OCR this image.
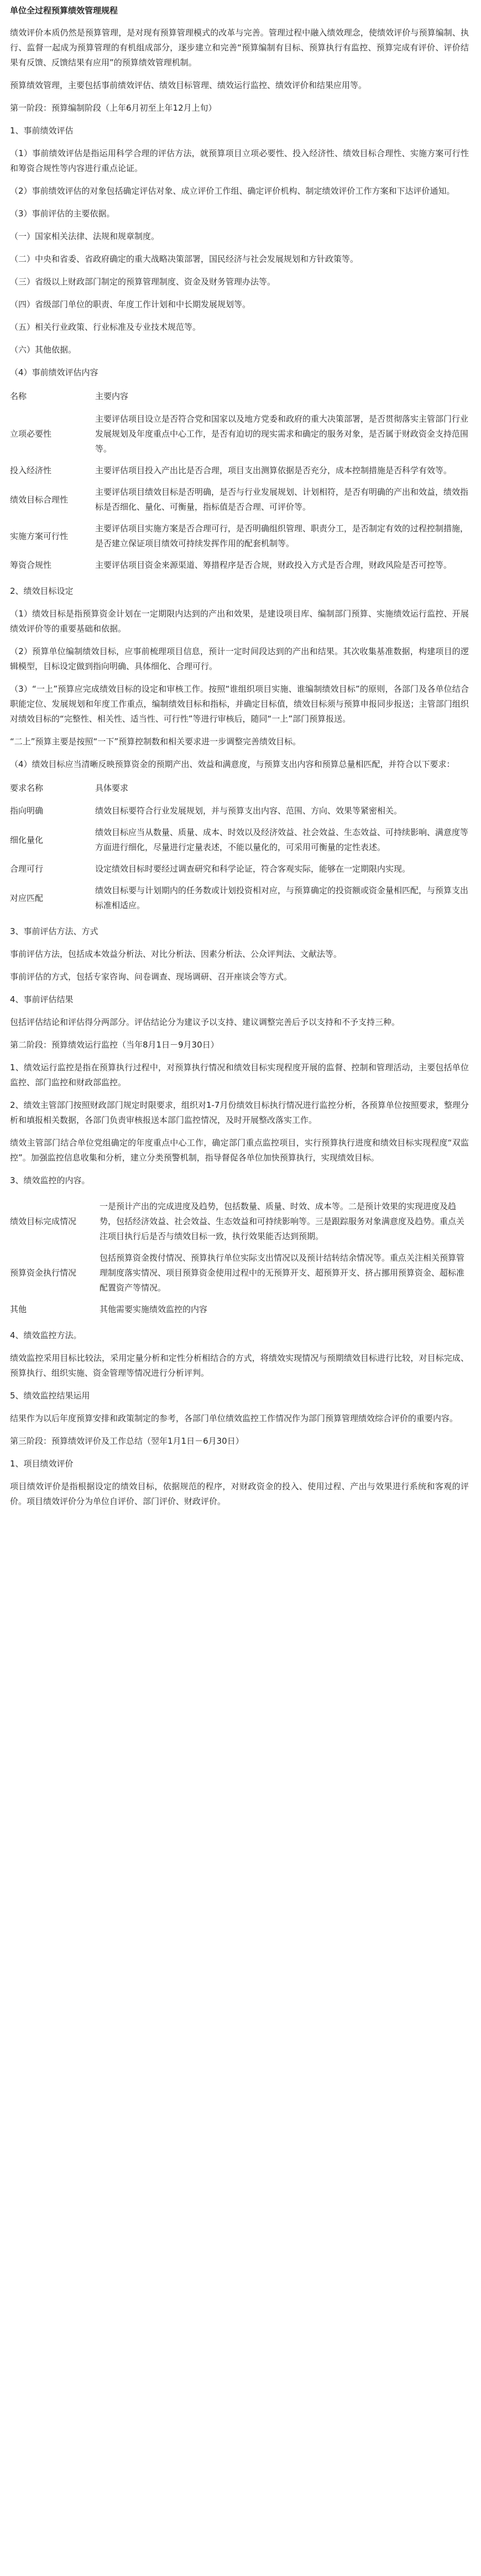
单位全过程预算绩效管理规程

绩效评价本质仍然是预算管理，是对现有预算管理模式的改革与完善。管理过程中融入绩效理念，使绩效评价与预算编制、执行、监督一起成为预算管理的有机组成部分，逐步建立和完善“预算编制有目标、预算执行有监控、预算完成有评价、评价结果有反馈、反馈结果有应用”的预算绩效管理机制。

预算绩效管理，主要包括事前绩效评估、绩效目标管理、绩效运行监控、绩效评价和结果应用等。

第一阶段：预算编制阶段（上年6月初至上年12月上旬）

1、事前绩效评估

（1）事前绩效评估是指运用科学合理的评估方法，就预算项目立项必要性、投入经济性、绩效目标合理性、实施方案可行性和筹资合规性等内容进行重点论证。

（2）事前绩效评估的对象包括确定评估对象、成立评价工作组、确定评价机构、制定绩效评价工作方案和下达评价通知。

（3）事前评估的主要依据。

（一）国家相关法律、法规和规章制度。

（二）中央和省委、省政府确定的重大战略决策部署，国民经济与社会发展规划和方针政策等。

（三）省级以上财政部门制定的预算管理制度、资金及财务管理办法等。

（四）省级部门单位的职责、年度工作计划和中长期发展规划等。

（五）相关行业政策、行业标准及专业技术规范等。

（六）其他依据。

（4）事前绩效评估内容

名称	主要内容
立项必要性	主要评估项目设立是否符合党和国家以及地方党委和政府的重大决策部署，是否贯彻落实主管部门行业发展规划及年度重点中心工作，是否有迫切的现实需求和确定的服务对象，是否属于财政资金支持范围等。
投入经济性	主要评估项目投入产出比是否合理，项目支出测算依据是否充分，成本控制措施是否科学有效等。
绩效目标合理性	主要评估项目绩效目标是否明确，是否与行业发展规划、计划相符，是否有明确的产出和效益，绩效指标是否细化、量化、可衡量，指标值是否合理、可评价等。
实施方案可行性	主要评估项目实施方案是否合理可行，是否明确组织管理、职责分工，是否制定有效的过程控制措施，是否建立保证项目绩效可持续发挥作用的配套机制等。
筹资合规性	主要评估项目资金来源渠道、筹措程序是否合规，财政投入方式是否合理，财政风险是否可控等。

2、绩效目标设定

（1）绩效目标是指预算资金计划在一定期限内达到的产出和效果，是建设项目库、编制部门预算、实施绩效运行监控、开展绩效评价等的重要基础和依据。

（2）预算单位编制绩效目标，应事前梳理项目信息，预计一定时间段达到的产出和结果。其次收集基准数据，构建项目的逻辑模型，目标设定做到指向明确、具体细化、合理可行。

（3）“一上”预算应完成绩效目标的设定和审核工作。按照“谁组织项目实施、谁编制绩效目标”的原则，各部门及各单位结合职能定位、发展规划和年度工作重点，编制绩效目标和指标，并确定目标值，绩效目标须与预算申报同步报送；主管部门组织对绩效目标的“完整性、相关性、适当性、可行性”等进行审核后，随同“一上”部门预算报送。

“二上”预算主要是按照“一下”预算控制数和相关要求进一步调整完善绩效目标。

（4）绩效目标应当清晰反映预算资金的预期产出、效益和满意度，与预算支出内容和预算总量相匹配，并符合以下要求：

要求名称	具体要求
指向明确	绩效目标要符合行业发展规划，并与预算支出内容、范围、方向、效果等紧密相关。
细化量化	绩效目标应当从数量、质量、成本、时效以及经济效益、社会效益、生态效益、可持续影响、满意度等方面进行细化，尽量进行定量表述，不能以量化的，可采用可衡量的定性表述。
合理可行	设定绩效目标时要经过调查研究和科学论证，符合客观实际，能够在一定期限内实现。
对应匹配	绩效目标要与计划期内的任务数或计划投资相对应，与预算确定的投资额或资金量相匹配，与预算支出标准相适应。

3、事前评估方法、方式

事前评估方法，包括成本效益分析法、对比分析法、因素分析法、公众评判法、文献法等。

事前评估的方式，包括专家咨询、问卷调查、现场调研、召开座谈会等方式。

4、事前评估结果

包括评估结论和评估得分两部分。评估结论分为建议予以支持、建议调整完善后予以支持和不予支持三种。

第二阶段：预算绩效运行监控（当年8月1日－9月30日）

1、绩效运行监控是指在预算执行过程中，对预算执行情况和绩效目标实现程度开展的监督、控制和管理活动，主要包括单位监控、部门监控和财政部监控。

2、绩效主管部门按照财政部门规定时限要求，组织对1-7月份绩效目标执行情况进行监控分析，各预算单位按照要求，整理分析和填报相关数据，各部门负责审核报送本部门监控情况，及时开展整改落实工作。

绩效主管部门结合单位党组确定的年度重点中心工作，确定部门重点监控项目，实行预算执行进度和绩效目标实现程度“双监控”。加强监控信息收集和分析，建立分类预警机制，指导督促各单位加快预算执行，实现绩效目标。

3、绩效监控的内容。

绩效目标完成情况	一是预计产出的完成进度及趋势，包括数量、质量、时效、成本等。二是预计效果的实现进度及趋势，包括经济效益、社会效益、生态效益和可持续影响等。三是跟踪服务对象满意度及趋势。重点关注项目执行后是否与绩效目标一致，执行效果能否达到预期。
预算资金执行情况	包括预算资金拨付情况、预算执行单位实际支出情况以及预计结转结余情况等。重点关注相关预算管理制度落实情况、项目预算资金使用过程中的无预算开支、超预算开支、挤占挪用预算资金、超标准配置资产等情况。
其他	其他需要实施绩效监控的内容

4、绩效监控方法。

绩效监控采用目标比较法，采用定量分析和定性分析相结合的方式，将绩效实现情况与预期绩效目标进行比较，对目标完成、预算执行、组织实施、资金管理等情况进行分析评判。

5、绩效监控结果运用

结果作为以后年度预算安排和政策制定的参考，各部门单位绩效监控工作情况作为部门预算管理绩效综合评价的重要内容。

第三阶段：预算绩效评价及工作总结（翌年1月1日－6月30日）

1、项目绩效评价

项目绩效评价是指根据设定的绩效目标，依据规范的程序，对财政资金的投入、使用过程、产出与效果进行系统和客观的评价。项目绩效评价分为单位自评价、部门评价、财政评价。
